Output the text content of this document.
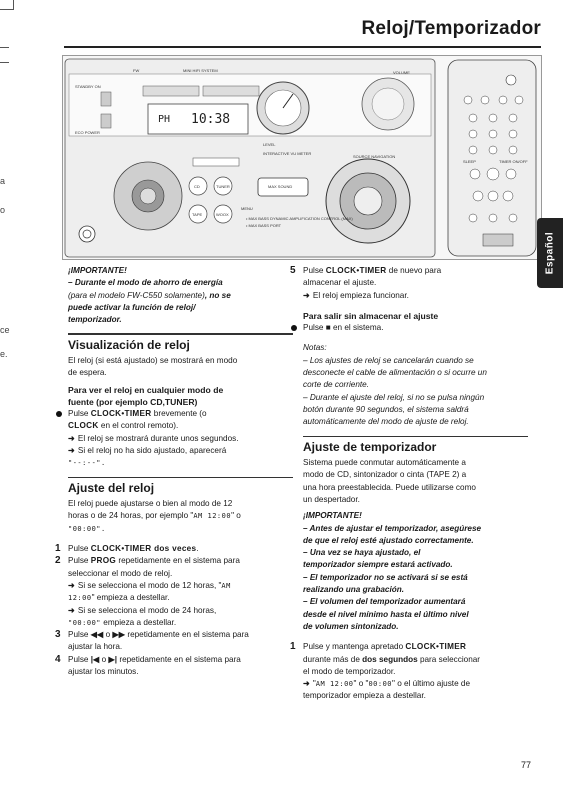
a
o
ce
e.
Reloj/Temporizador
PH 10:38
FW	MINI HIFI SYSTEM
STANDBY ON
ECO POWER
VOLUME
LEVEL
INTERACTIVE VU METER
SOURCE NAVIGATION
CD	TUNER
TAPE	WOOX
MAX SOUND
MENU
• MAX BASS DYNAMIC AMPLIFICATION CONTROL (MAX)
• MAX BASS PORT
SLEEP	TIMER ON/OFF
Español
¡IMPORTANTE!
– Durante el modo de ahorro de energía
(para el modelo FW-C550 solamente), no se
puede activar la función de reloj/
temporizador.
Visualización de reloj
El reloj (si está ajustado) se mostrará en modo
de espera.
Para ver el reloj en cualquier modo de
fuente (por ejemplo CD,TUNER)
Pulse CLOCK•TIMER brevemente (o
CLOCK en el control remoto).
➜ El reloj se mostrará durante unos segundos.
➜ Si el reloj no ha sido ajustado, aparecerá
"--:--".
Ajuste del reloj
El reloj puede ajustarse o bien al modo de 12
horas o de 24 horas, por ejemplo "AM 12:00" o
"00:00".
1 Pulse CLOCK•TIMER dos veces.
2 Pulse PROG repetidamente en el sistema para
seleccionar el modo de reloj.
➜ Si se selecciona el modo de 12 horas, "AM
12:00" empieza a destellar.
➜ Si se selecciona el modo de 24 horas,
"00:00" empieza a destellar.
3 Pulse ◀◀ o ▶▶ repetidamente en el sistema para
ajustar la hora.
4 Pulse |◀ o ▶| repetidamente en el sistema para
ajustar los minutos.
5 Pulse CLOCK•TIMER de nuevo para
almacenar el ajuste.
➜ El reloj empieza funcionar.
Para salir sin almacenar el ajuste
Pulse ■ en el sistema.
Notas:
– Los ajustes de reloj se cancelarán cuando se
desconecte el cable de alimentación o si ocurre un
corte de corriente.
– Durante el ajuste del reloj, si no se pulsa ningún
botón durante 90 segundos, el sistema saldrá
automáticamente del modo de ajuste de reloj.
Ajuste de temporizador
Sistema puede conmutar automáticamente a
modo de CD, sintonizador o cinta (TAPE 2) a
una hora preestablecida. Puede utilizarse como
un despertador.
¡IMPORTANTE!
– Antes de ajustar el temporizador, asegúrese
de que el reloj esté ajustado correctamente.
– Una vez se haya ajustado, el
temporizador siempre estará activado.
– El temporizador no se activará si se está
realizando una grabación.
– El volumen del temporizador aumentará
desde el nivel mínimo hasta el último nivel
de volumen sintonizado.
1 Pulse y mantenga apretado CLOCK•TIMER
durante más de dos segundos para seleccionar
el modo de temporizador.
➜ "AM 12:00" o "00:00" o el último ajuste de
temporizador empieza a destellar.
77
